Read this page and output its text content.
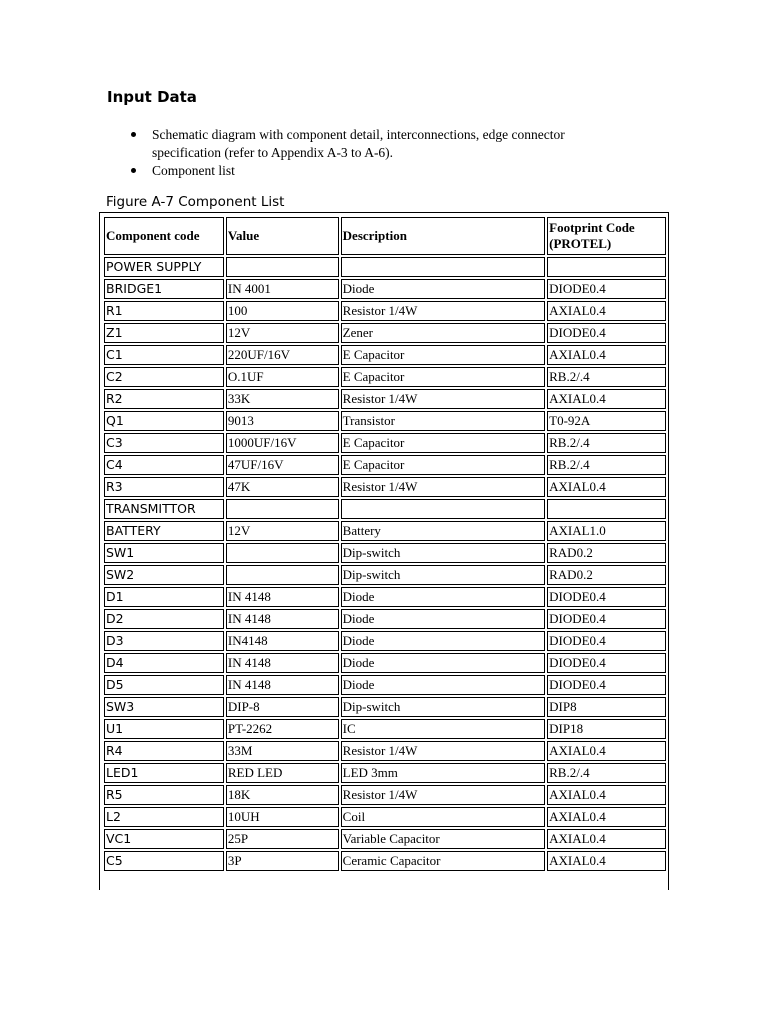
Input Data
Schematic diagram with component detail, interconnections, edge connector specification (refer to Appendix A-3 to A-6).
Component list

Figure A-7 Component List

Component code	Value	Description	Footprint Code (PROTEL)
POWER SUPPLY			
BRIDGE1	IN 4001	Diode	DIODE0.4
R1	100	Resistor 1/4W	AXIAL0.4
Z1	12V	Zener	DIODE0.4
C1	220UF/16V	E Capacitor	AXIAL0.4
C2	O.1UF	E Capacitor	RB.2/.4
R2	33K	Resistor 1/4W	AXIAL0.4
Q1	9013	Transistor	T0-92A
C3	1000UF/16V	E Capacitor	RB.2/.4
C4	47UF/16V	E Capacitor	RB.2/.4
R3	47K	Resistor 1/4W	AXIAL0.4
TRANSMITTOR			
BATTERY	12V	Battery	AXIAL1.0
SW1		Dip-switch	RAD0.2
SW2		Dip-switch	RAD0.2
D1	IN 4148	Diode	DIODE0.4
D2	IN 4148	Diode	DIODE0.4
D3	IN4148	Diode	DIODE0.4
D4	IN 4148	Diode	DIODE0.4
D5	IN 4148	Diode	DIODE0.4
SW3	DIP-8	Dip-switch	DIP8
U1	PT-2262	IC	DIP18
R4	33M	Resistor 1/4W	AXIAL0.4
LED1	RED LED	LED 3mm	RB.2/.4
R5	18K	Resistor 1/4W	AXIAL0.4
L2	10UH	Coil	AXIAL0.4
VC1	25P	Variable Capacitor	AXIAL0.4
C5	3P	Ceramic Capacitor	AXIAL0.4
